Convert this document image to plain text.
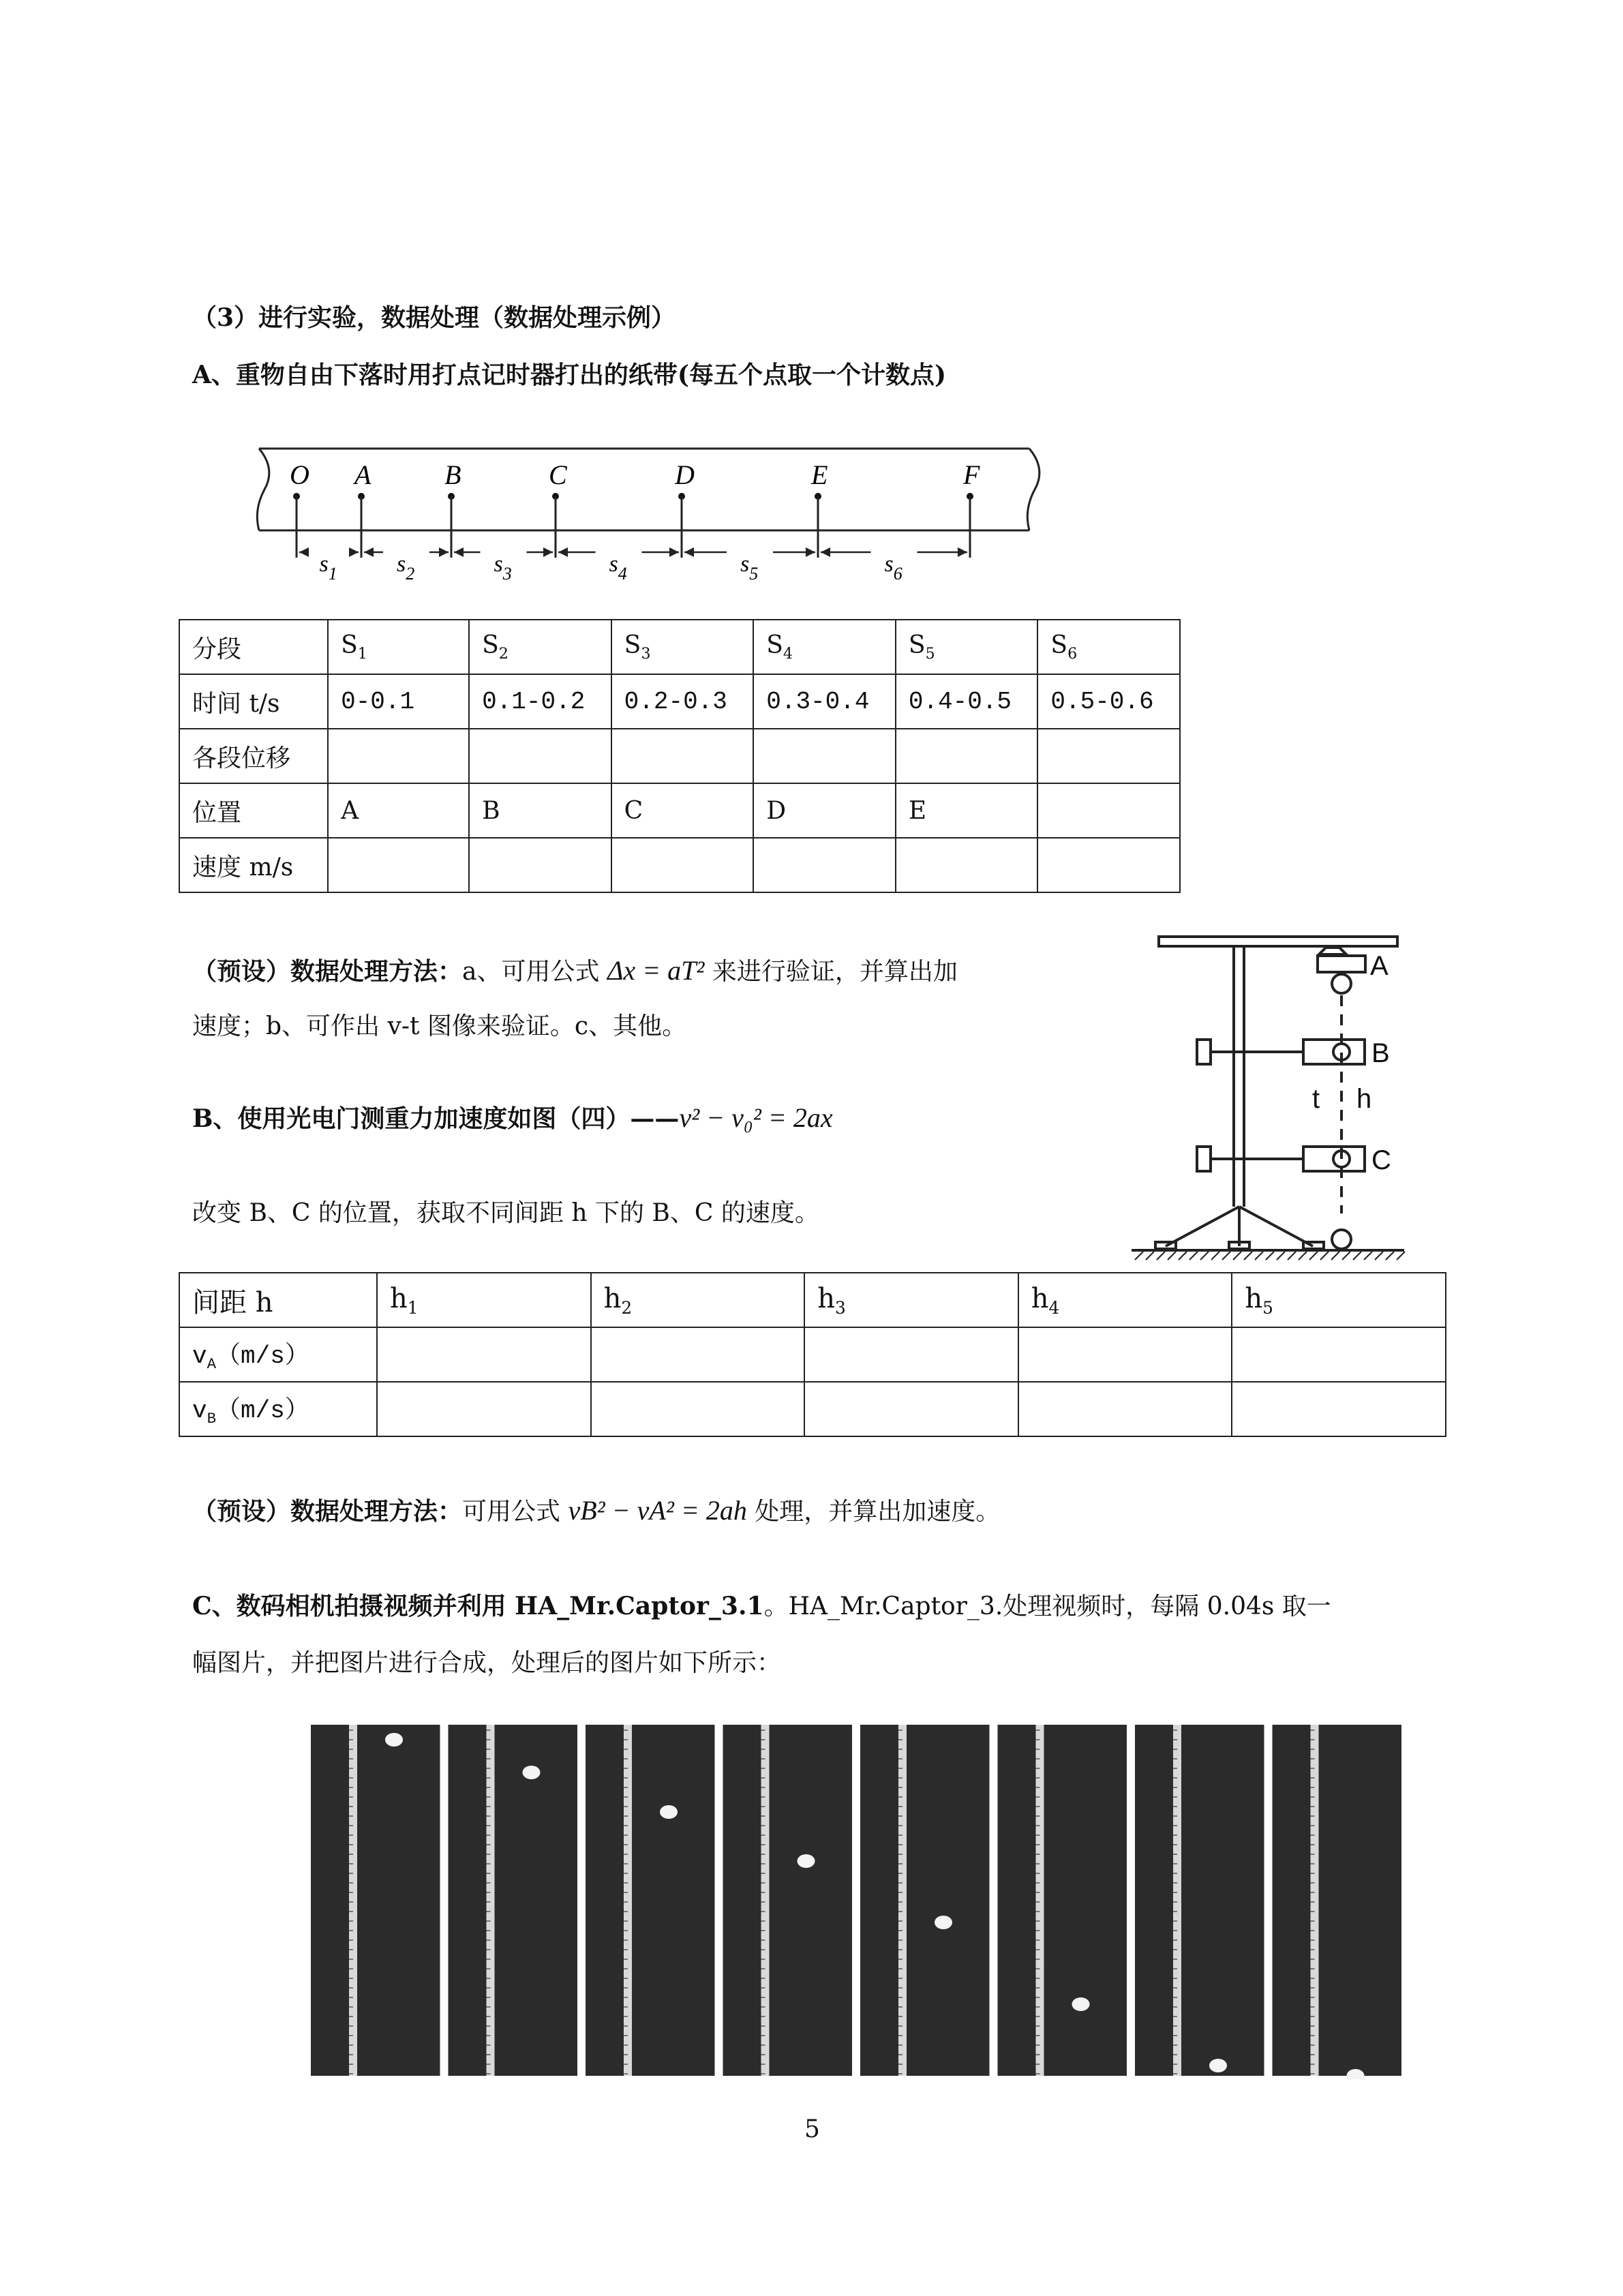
（3）进行实验，数据处理（数据处理示例）
A、重物自由下落时用打点记时器打出的纸带(每五个点取一个计数点)
O A	B	C	D	E	F
$s_1$	$s_2$	$s_3$	$s_4$	$s_5$	$s_6$
分段	$S_1$	$S_2$	$S_3$	$S_4$	$S_5$	$S_6$
时间 t/s	0-0.1	0.1-0.2	0.2-0.3	0.3-0.4	0.4-0.5	0.5-0.6
各段位移						
位置	A	B	C	D	E	
速度 m/s						
（预设）数据处理方法：a、可用公式 Δx = aT² 来进行验证，并算出加
速度；b、可作出 v-t 图像来验证。c、其他。
A
B
C
t h
B、使用光电门测重力加速度如图（四）——v² − v₀² = 2ax
改变 B、C 的位置，获取不同间距 h 下的 B、C 的速度。
间距 h	$h_1$	$h_2$	$h_3$	$h_4$	$h_5$
$v_A(m/s)$					
$v_B(m/s)$					
（预设）数据处理方法：可用公式 vB² − vA² = 2ah 处理，并算出加速度。
C、数码相机拍摄视频并利用 HA_Mr.Captor_3.1。HA_Mr.Captor_3.处理视频时，每隔 0.04s 取一
幅图片，并把图片进行合成，处理后的图片如下所示：
5
